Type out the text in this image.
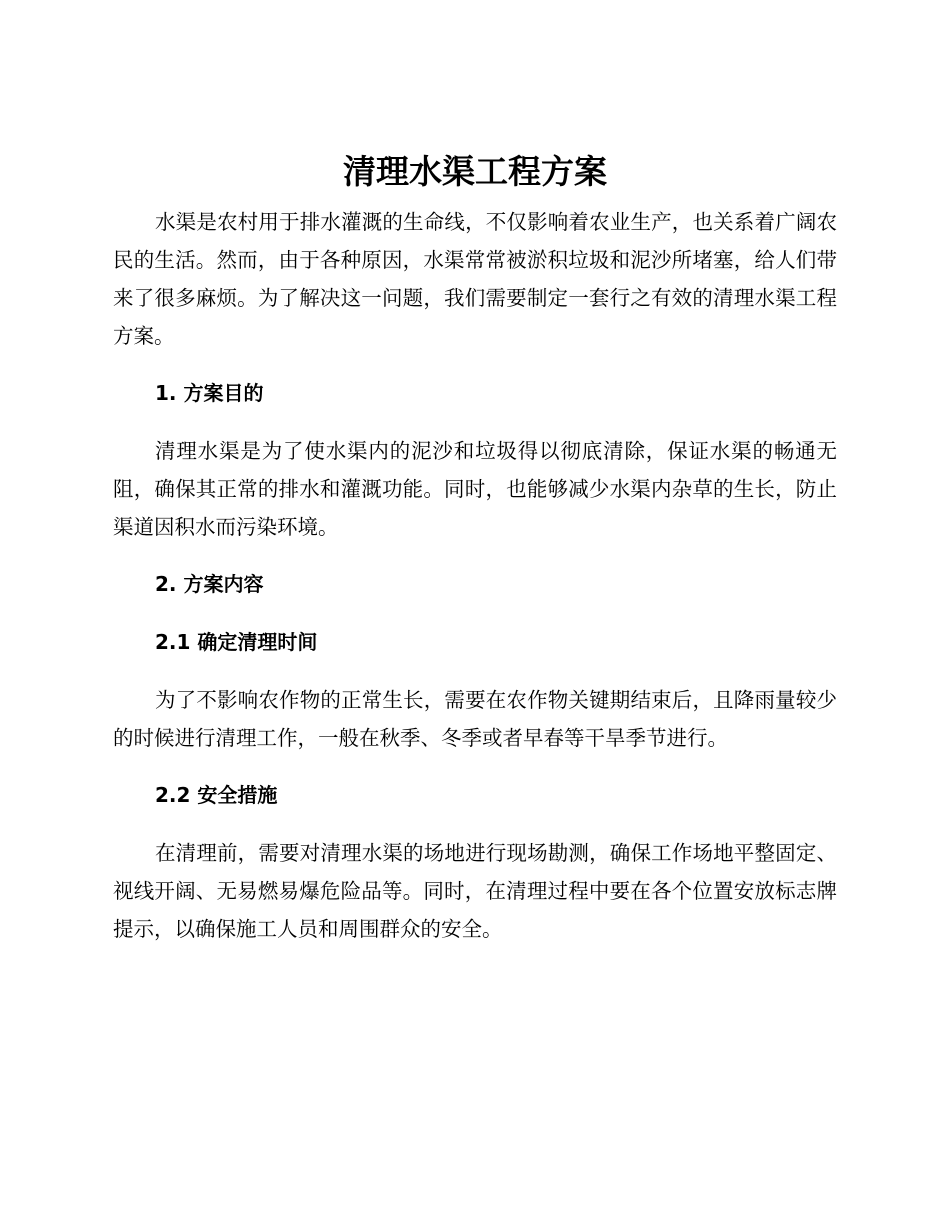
清理水渠工程方案

水渠是农村用于排水灌溉的生命线，不仅影响着农业生产，也关系着广阔农民的生活。然而，由于各种原因，水渠常常被淤积垃圾和泥沙所堵塞，给人们带来了很多麻烦。为了解决这一问题，我们需要制定一套行之有效的清理水渠工程方案。

1. 方案目的

清理水渠是为了使水渠内的泥沙和垃圾得以彻底清除，保证水渠的畅通无阻，确保其正常的排水和灌溉功能。同时，也能够减少水渠内杂草的生长，防止渠道因积水而污染环境。

2. 方案内容

2.1 确定清理时间

为了不影响农作物的正常生长，需要在农作物关键期结束后，且降雨量较少的时候进行清理工作，一般在秋季、冬季或者早春等干旱季节进行。

2.2 安全措施

在清理前，需要对清理水渠的场地进行现场勘测，确保工作场地平整固定、视线开阔、无易燃易爆危险品等。同时，在清理过程中要在各个位置安放标志牌提示，以确保施工人员和周围群众的安全。
